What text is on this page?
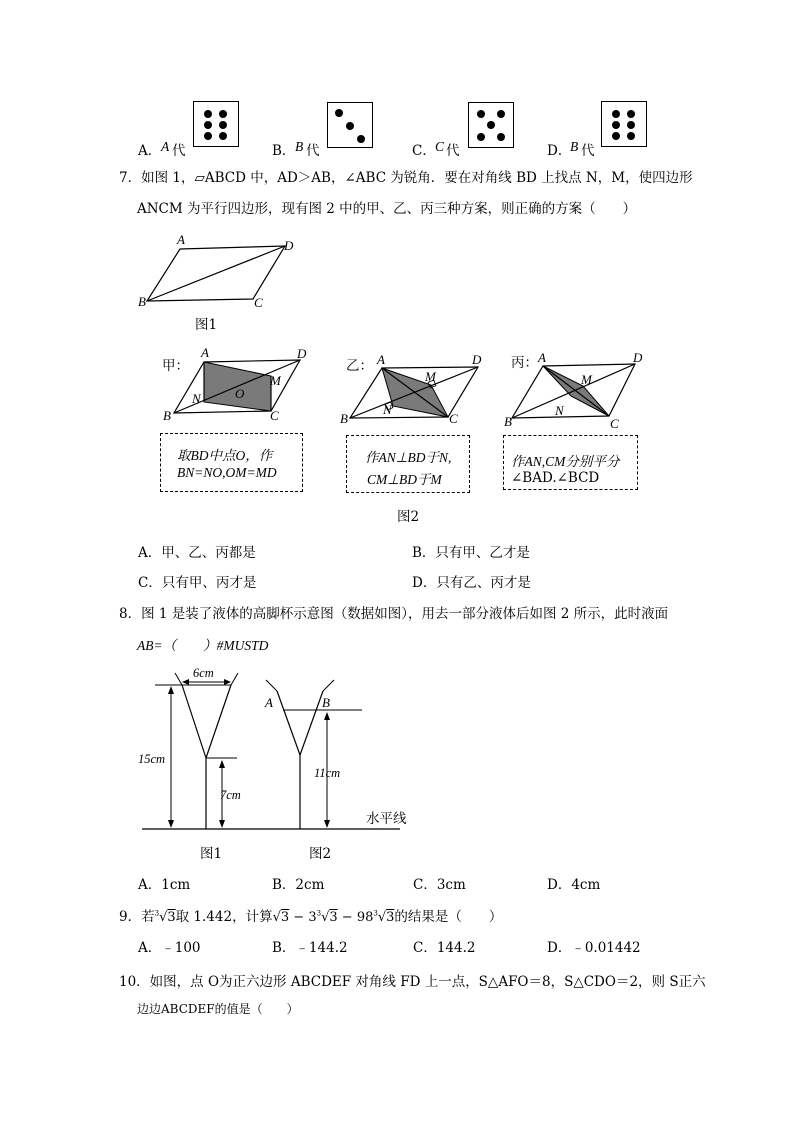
A． A 代	B． B 代	C． C 代	D．
B 代
7．如图 1，▱ABCD 中，AD＞AB，∠ABC 为锐角．要在对角线 BD 上找点 N，M，使四边形
ANCM 为平行四边形，现有图 2 中的甲、乙、丙三种方案，则正确的方案（　　）
A	D
B	C
图1
A	D
B	C
N	O
M
甲：
取BD中点O，作
BN=NO,OM=MD
A	D
B	C
N
M
乙：
作AN⊥BD于N,
CM⊥BD于M
A	D
B	C
N
M
丙：
作AN,CM分别平分
∠BAD.∠BCD
图2
A．甲、乙、丙都是	B．只有甲、乙才是
C．只有甲、丙才是	D．只有乙、丙才是
8．图 1 是装了液体的高脚杯示意图（数据如图），用去一部分液体后如图 2 所示，此时液面
AB=（　　）#MUSTD
A	B
6cm
15cm
7cm
11cm
水平线
图1	图2
A．1cm	B．2cm	C．3cm	D．4cm
9．若$^3$√3取 1.442，计算$√3 - 3^3√3 - 98^3√3$的结果是（　　）
A．﹣100	B．﹣144.2	C．144.2	D．﹣0.01442
10．如图，点 O为正六边形 ABCDEF 对角线 FD 上一点，S△AFO＝8，S△CDO＝2，则 S正六
边边ABCDEF的值是（　　）
